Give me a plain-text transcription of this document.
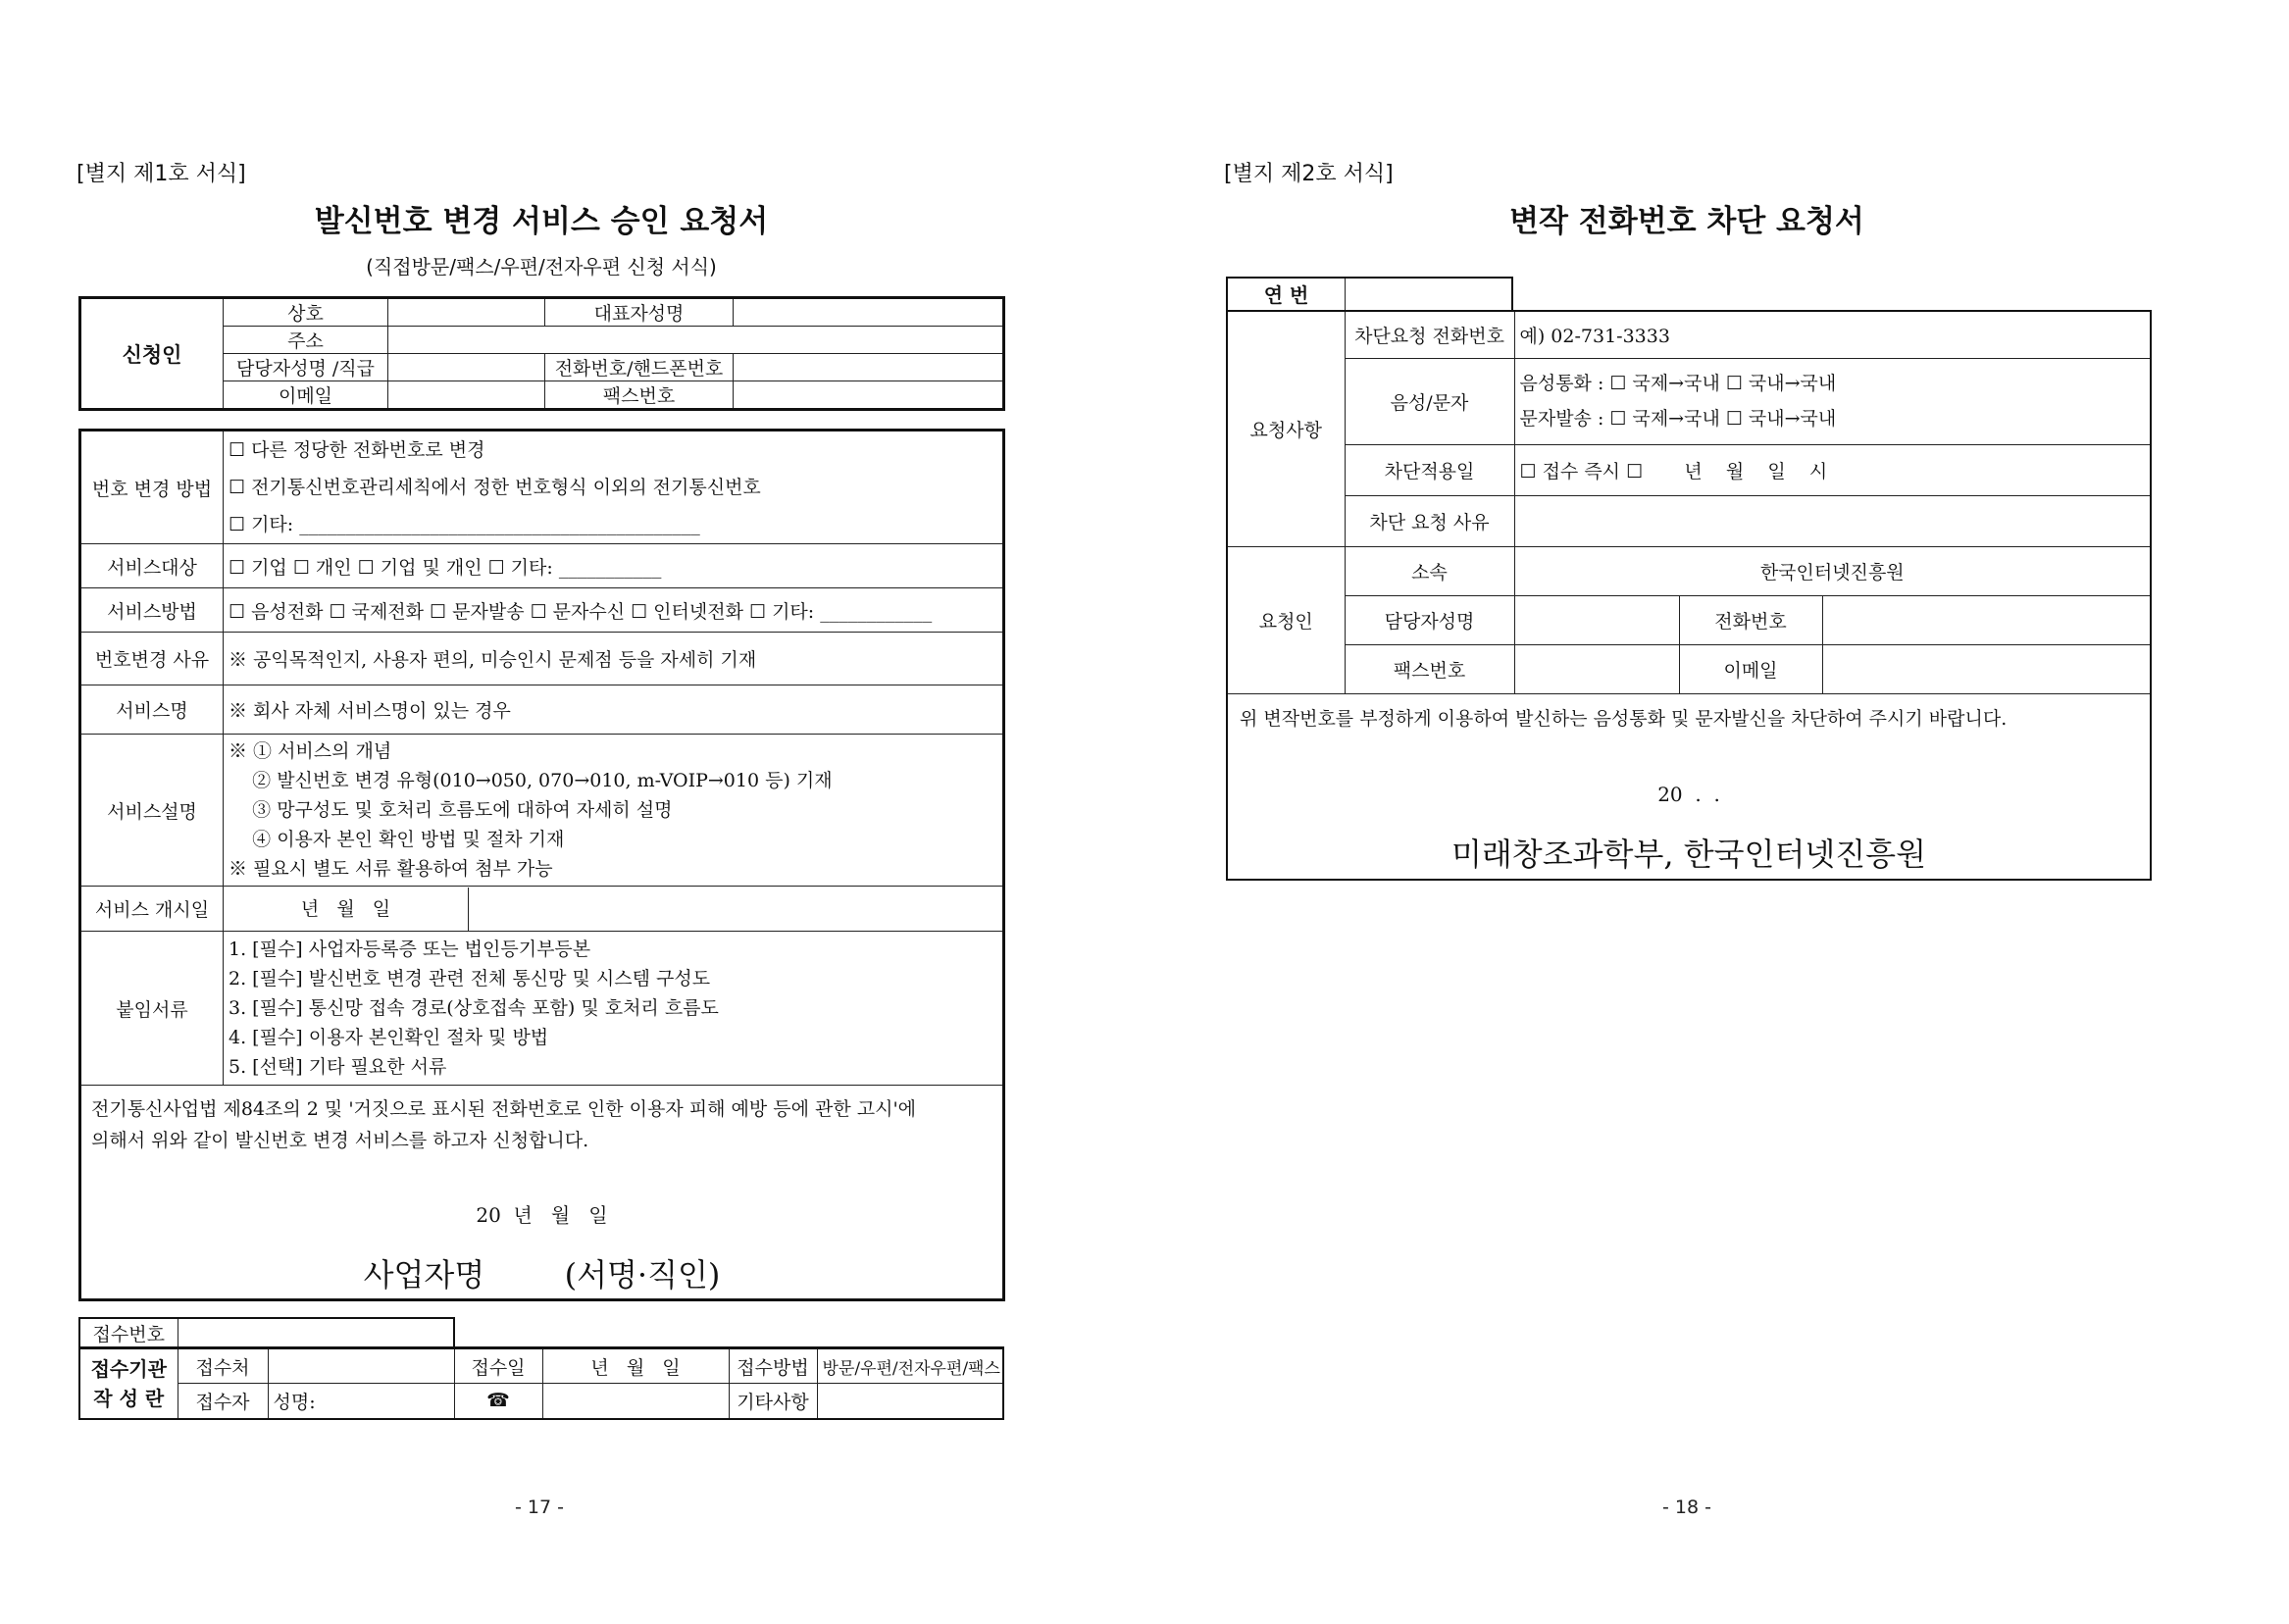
[별지 제1호 서식]
발신번호 변경 서비스 승인 요청서
(직접방문/팩스/우편/전자우편 신청 서식)
신청인	상호		대표자성명	
	주소			
	담당자성명 /직급		전화번호/핸드폰번호	
	이메일		팩스번호	
번호 변경 방법	☐ 다른 정당한 전화번호로 변경
☐ 전기통신번호관리세칙에서 정한 번호형식 이외의 전기통신번호
☐ 기타: ___________________________________________

서비스대상	☐ 기업 ☐ 개인 ☐ 기업 및 개인 ☐ 기타: ___________
서비스방법	☐ 음성전화 ☐ 국제전화 ☐ 문자발송 ☐ 문자수신 ☐ 인터넷전화 ☐ 기타: ____________
번호변경 사유	※ 공익목적인지, 사용자 편의, 미승인시 문제점 등을 자세히 기재
서비스명	※ 회사 자체 서비스명이 있는 경우
서비스설명	※ ① 서비스의 개념
② 발신번호 변경 유형(010→050, 070→010, m-VOIP→010 등) 기재
③ 망구성도 및 호처리 흐름도에 대하여 자세히 설명
④ 이용자 본인 확인 방법 및 절차 기재
※ 필요시 별도 서류 활용하여 첨부 가능

서비스 개시일	년   월   일

붙임서류	1. [필수] 사업자등록증 또는 법인등기부등본
2. [필수] 발신번호 변경 관련 전체 통신망 및 시스템 구성도
3. [필수] 통신망 접속 경로(상호접속 포함) 및 호처리 흐름도
4. [필수] 이용자 본인확인 절차 및 방법
5. [선택] 기타 필요한 서류

전기통신사업법 제84조의 2 및 '거짓으로 표시된 전화번호로 인한 이용자 피해 예방 등에 관한 고시'에
의해서 위와 같이 발신번호 변경 서비스를 하고자 신청합니다.
20  년   월   일
사업자명        (서명·직인)	
접수번호	
접수기관
작 성 란	접수처		접수일	년   월   일	접수방법	방문/우편/전자우편/팩스
	접수자	성명:	☎		기타사항	
- 17 -
[별지 제2호 서식]
변작 전화번호 차단 요청서
연 번
요청사항	차단요청 전화번호	예) 02-731-3333		
	음성/문자	음성통화 : ☐ 국제→국내 ☐ 국내→국내
문자발송 : ☐ 국제→국내 ☐ 국내→국내		

	차단적용일	☐ 접수 즉시 ☐       년    월    일    시		
	차단 요청 사유			
요청인	소속	한국인터넷진흥원		
	담당자성명		전화번호	
	팩스번호		이메일	

위 변작번호를 부정하게 이용하여 발신하는 음성통화 및 문자발신을 차단하여 주시기 바랍니다.
20  .  .
미래창조과학부, 한국인터넷진흥원				
- 18 -
